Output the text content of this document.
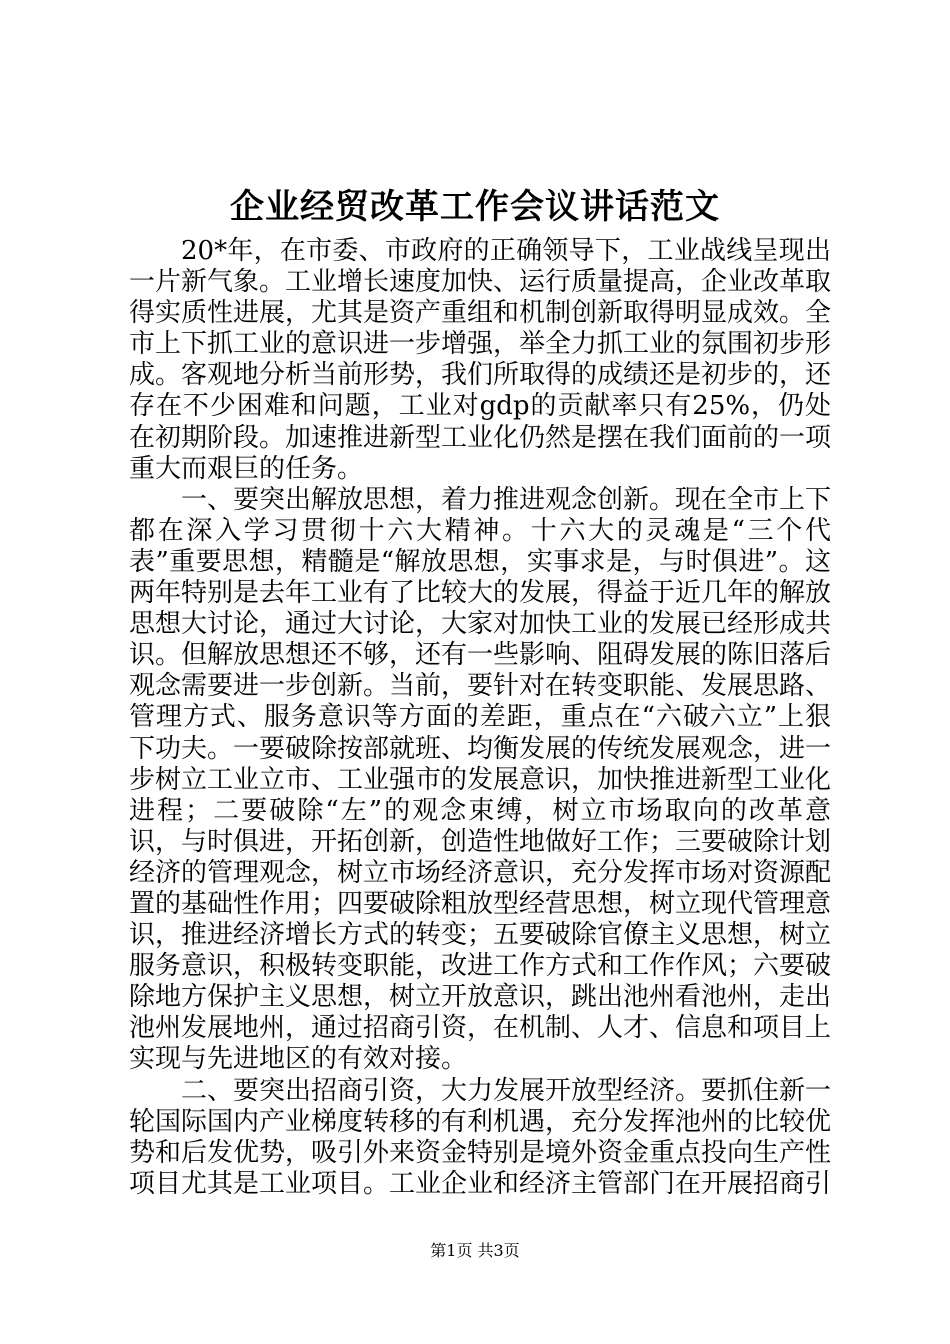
企业经贸改革工作会议讲话范文

20*年，在市委、市政府的正确领导下，工业战线呈现出一片新气象。工业增长速度加快、运行质量提高，企业改革取得实质性进展，尤其是资产重组和机制创新取得明显成效。全市上下抓工业的意识进一步增强，举全力抓工业的氛围初步形成。客观地分析当前形势，我们所取得的成绩还是初步的，还存在不少困难和问题，工业对gdp的贡献率只有25%，仍处在初期阶段。加速推进新型工业化仍然是摆在我们面前的一项重大而艰巨的任务。

一、要突出解放思想，着力推进观念创新。现在全市上下都在深入学习贯彻十六大精神。十六大的灵魂是“三个代表”重要思想，精髓是“解放思想，实事求是，与时俱进”。这两年特别是去年工业有了比较大的发展，得益于近几年的解放思想大讨论，通过大讨论，大家对加快工业的发展已经形成共识。但解放思想还不够，还有一些影响、阻碍发展的陈旧落后观念需要进一步创新。当前，要针对在转变职能、发展思路、管理方式、服务意识等方面的差距，重点在“六破六立”上狠下功夫。一要破除按部就班、均衡发展的传统发展观念，进一步树立工业立市、工业强市的发展意识，加快推进新型工业化进程；二要破除“左”的观念束缚，树立市场取向的改革意识，与时俱进，开拓创新，创造性地做好工作；三要破除计划经济的管理观念，树立市场经济意识，充分发挥市场对资源配置的基础性作用；四要破除粗放型经营思想，树立现代管理意识，推进经济增长方式的转变；五要破除官僚主义思想，树立服务意识，积极转变职能，改进工作方式和工作作风；六要破除地方保护主义思想，树立开放意识，跳出池州看池州，走出池州发展地州，通过招商引资，在机制、人才、信息和项目上实现与先进地区的有效对接。

二、要突出招商引资，大力发展开放型经济。要抓住新一轮国际国内产业梯度转移的有利机遇，充分发挥池州的比较优势和后发优势，吸引外来资金特别是境外资金重点投向生产性项目尤其是工业项目。工业企业和经济主管部门在开展招商引

第1页 共3页
